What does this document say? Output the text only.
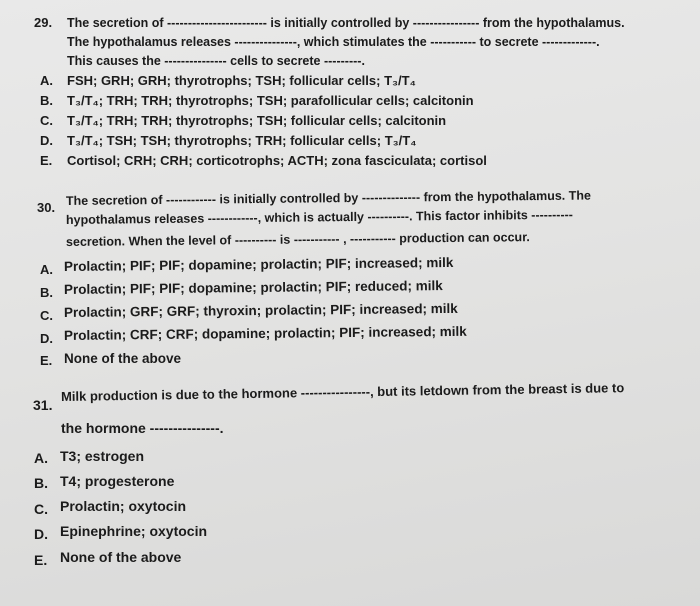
29. The secretion of ------------------------ is initially controlled by ---------------- from the hypothalamus.
The hypothalamus releases ---------------, which stimulates the ----------- to secrete -------------.
This causes the --------------- cells to secrete ---------.
A. FSH; GRH; GRH; thyrotrophs; TSH; follicular cells; T₃/T₄
B. T₃/T₄; TRH; TRH; thyrotrophs; TSH; parafollicular cells; calcitonin
C. T₃/T₄; TRH; TRH; thyrotrophs; TSH; follicular cells; calcitonin
D. T₃/T₄; TSH; TSH; thyrotrophs; TRH; follicular cells; T₃/T₄
E. Cortisol; CRH; CRH; corticotrophs; ACTH; zona fasciculata; cortisol
30. The secretion of ------------ is initially controlled by -------------- from the hypothalamus. The
hypothalamus releases ------------, which is actually ----------. This factor inhibits ----------
secretion. When the level of ---------- is ----------- , ----------- production can occur.
A. Prolactin; PIF; PIF; dopamine; prolactin; PIF; increased; milk
B. Prolactin; PIF; PIF; dopamine; prolactin; PIF; reduced; milk
C. Prolactin; GRF; GRF; thyroxin; prolactin; PIF; increased; milk
D. Prolactin; CRF; CRF; dopamine; prolactin; PIF; increased; milk
E. None of the above
31.
Milk production is due to the hormone ----------------, but its letdown from the breast is due to
the hormone ---------------.
A. T3; estrogen
B. T4; progesterone
C. Prolactin; oxytocin
D. Epinephrine; oxytocin
E. None of the above
